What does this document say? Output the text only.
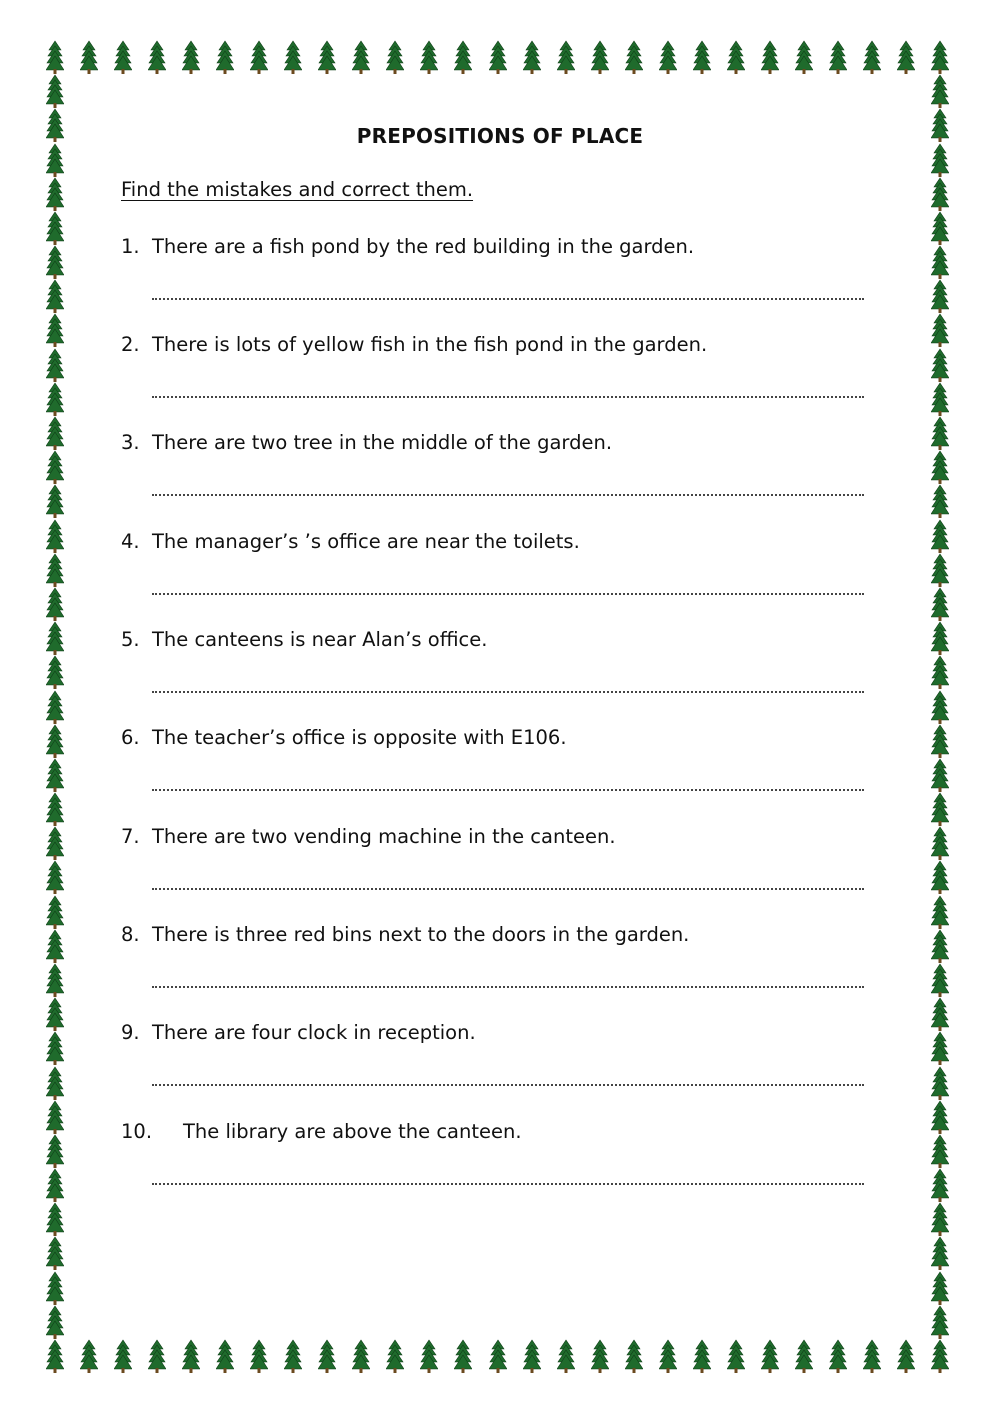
PREPOSITIONS OF PLACE
Find the mistakes and correct them.
1. There are a fish pond by the red building in the garden.
2. There is lots of yellow fish in the fish pond in the garden.
3. There are two tree in the middle of the garden.
4. The manager’s ’s office are near the toilets.
5. The canteens is near Alan’s office.
6. The teacher’s office is opposite with E106.
7. There are two vending machine in the canteen.
8. There is three red bins next to the doors in the garden.
9. There are four clock in reception.
10. The library are above the canteen.
